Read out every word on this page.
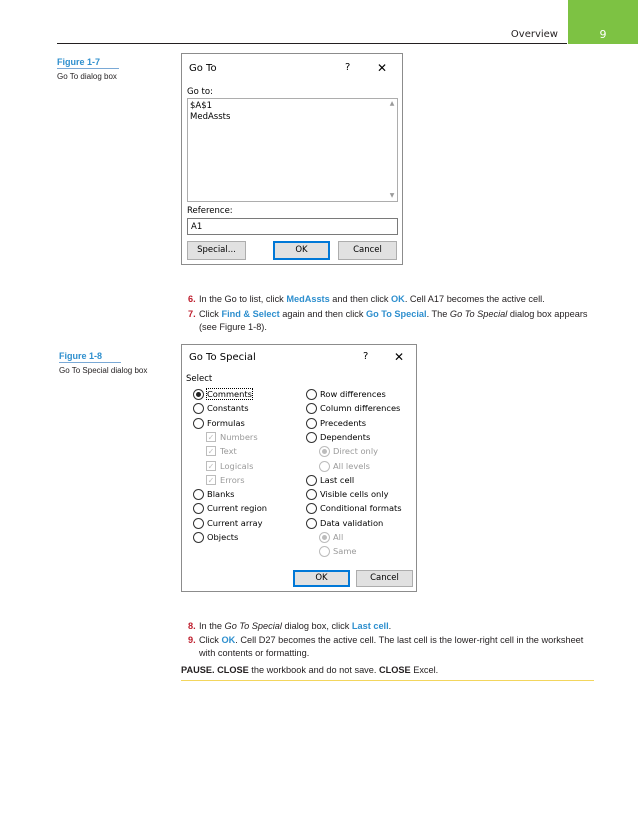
Overview	9
Figure 1-7
Go To dialog box
Go To	? ✕
Go to:
$A$1
MedAssts
▲
▼
Reference:
A1
Special...	OK	Cancel
6. In the Go to list, click MedAssts and then click OK. Cell A17 becomes the active cell.
7. Click Find & Select again and then click Go To Special. The Go To Special dialog box appears (see Figure 1-8).
Figure 1-8
Go To Special dialog box
Go To Special	? ✕
Select
Comments
Constants
Formulas
✓ Numbers
✓ Text
✓ Logicals
✓ Errors
Blanks
Current region
Current array
Objects
Row differences
Column differences
Precedents
Dependents
Direct only
All levels
Last cell
Visible cells only
Conditional formats
Data validation
All
Same
OK	Cancel
8. In the Go To Special dialog box, click Last cell.
9. Click OK. Cell D27 becomes the active cell. The last cell is the lower-right cell in the worksheet with contents or formatting.
PAUSE. CLOSE the workbook and do not save. CLOSE Excel.
